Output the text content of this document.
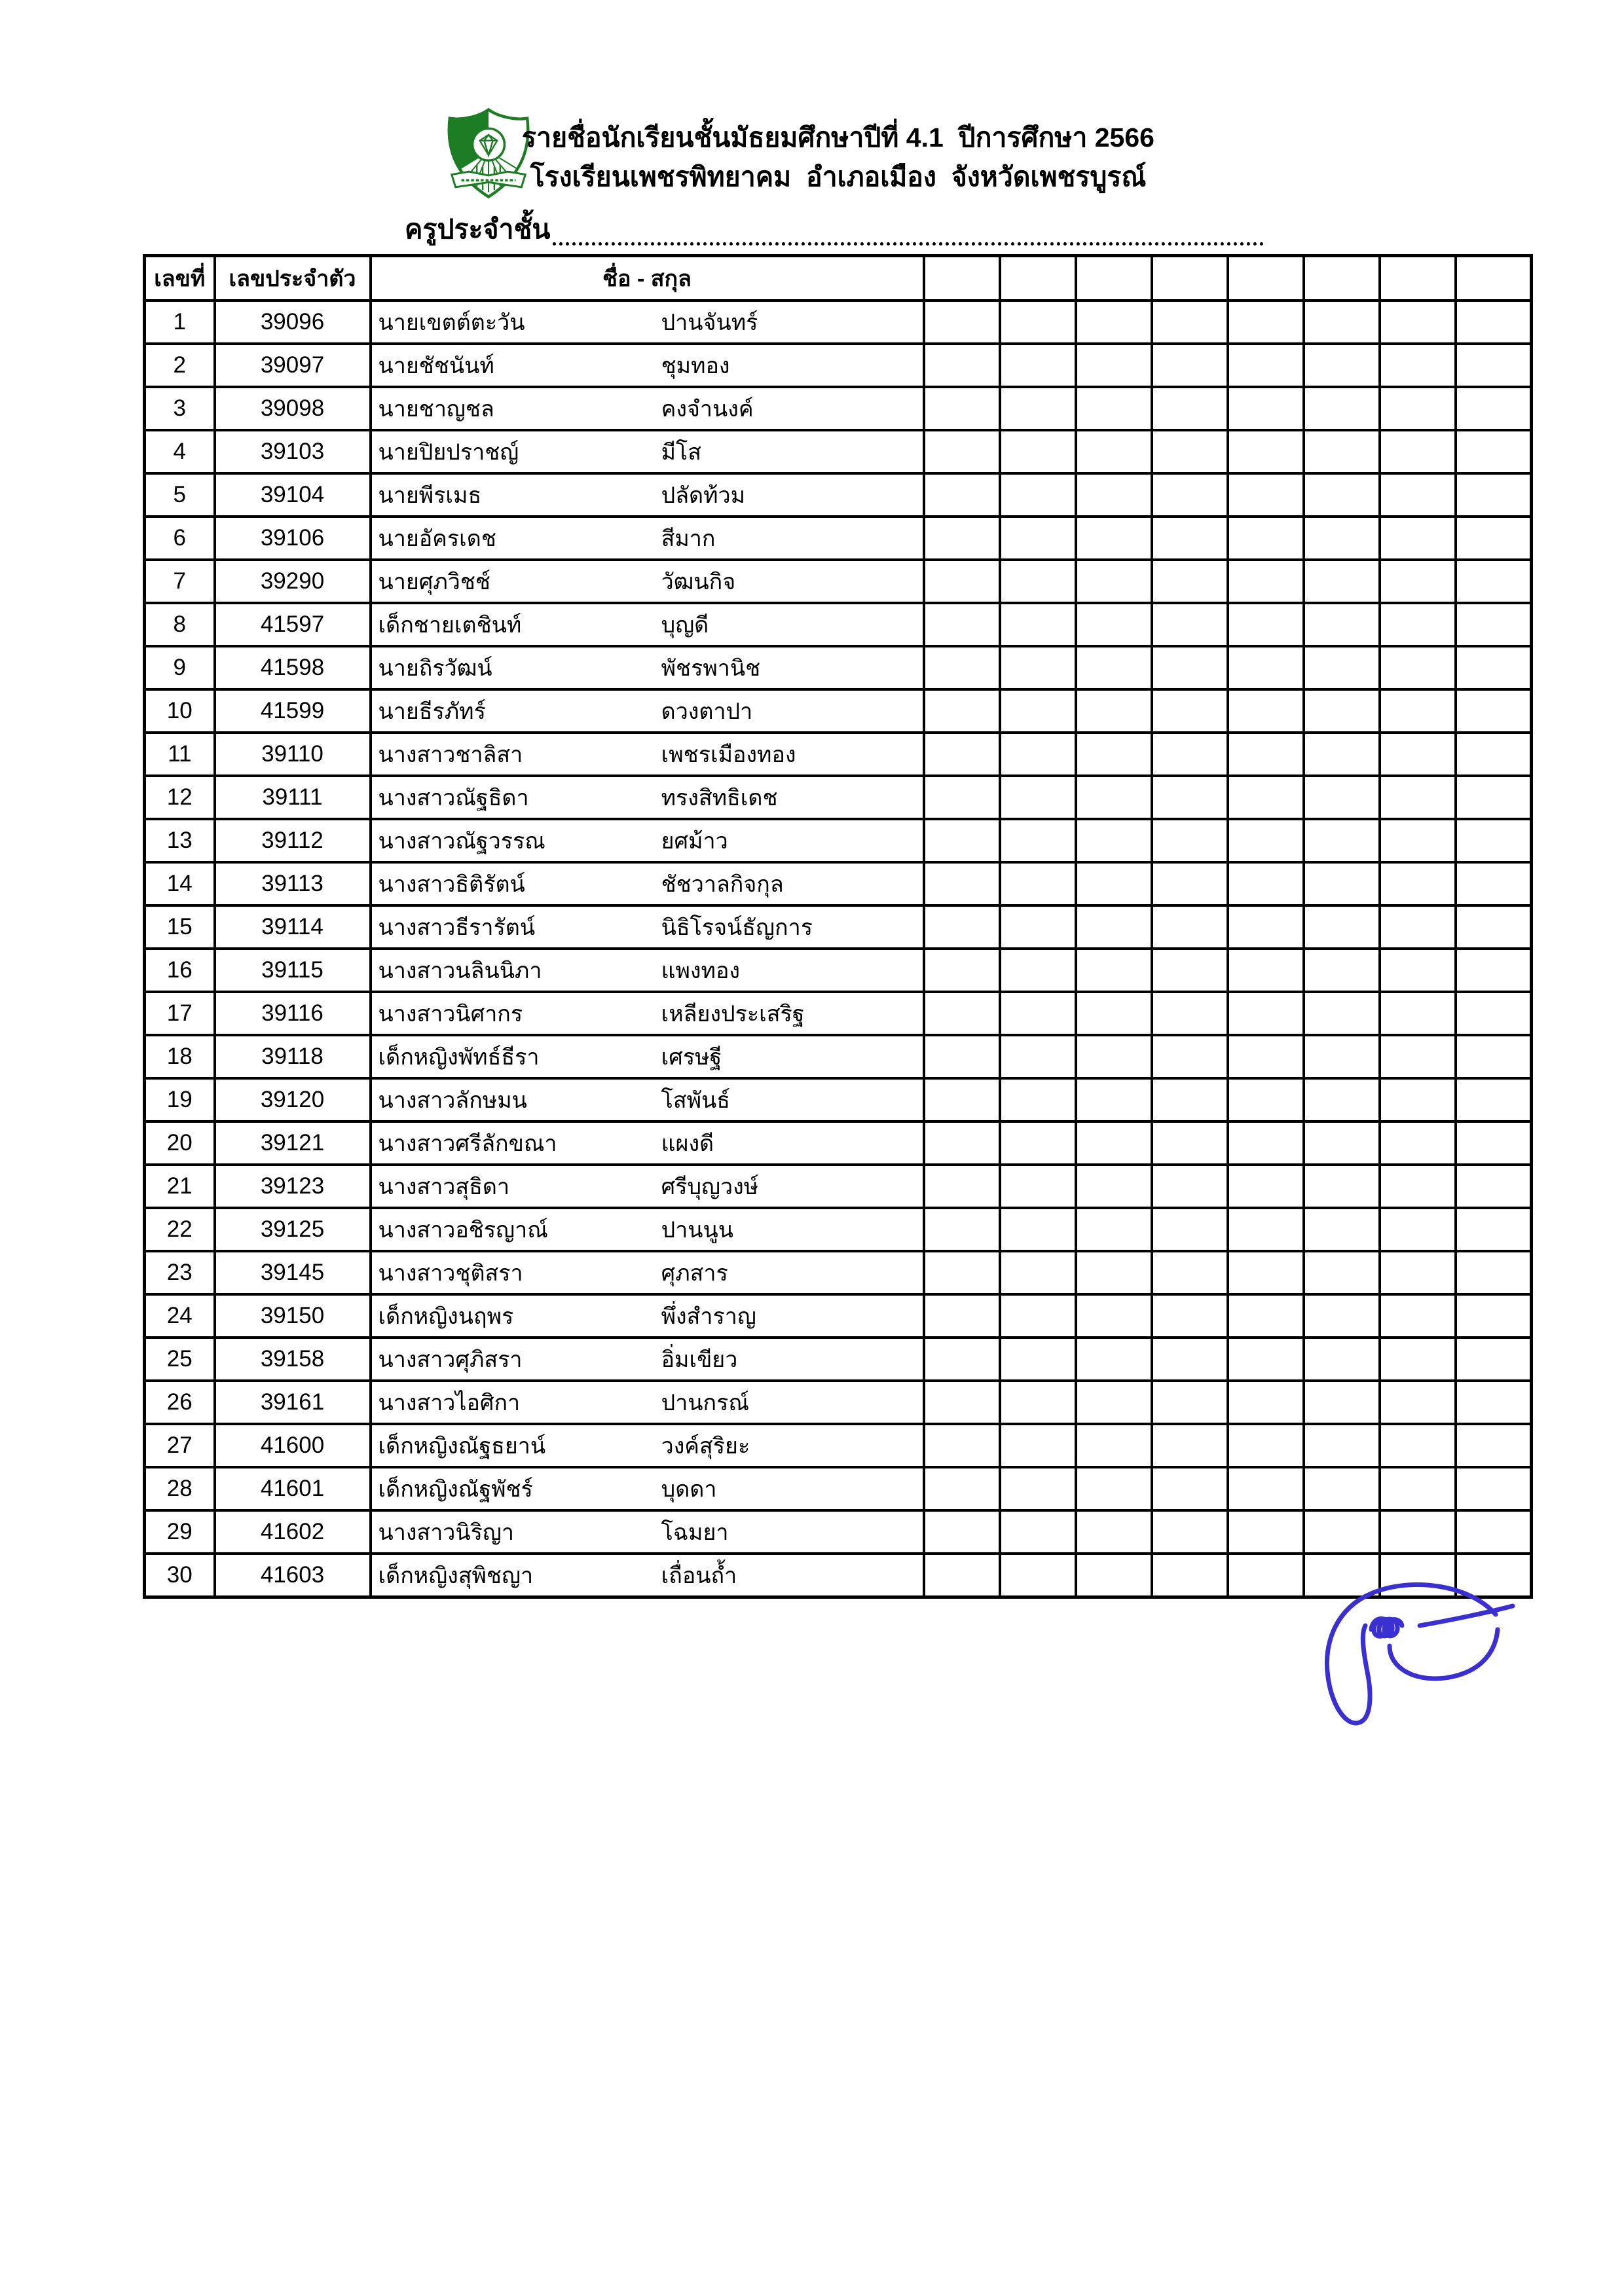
รายชื่อนักเรียนชั้นมัธยมศึกษาปีที่ 4.1  ปีการศึกษา 2566
โรงเรียนเพชรพิทยาคม  อำเภอเมือง  จังหวัดเพชรบูรณ์
ครูประจำชั้น
เลขที่	เลขประจำตัว	ชื่อ - สกุล								
1	39096	นายเขตต์ตะวัน ปานจันทร์								

2	39097	นายชัชนันท์ ชุมทอง								

3	39098	นายชาญชล คงจำนงค์								

4	39103	นายปิยปราชญ์ มีโส								

5	39104	นายพีรเมธ ปลัดท้วม								

6	39106	นายอัครเดช สีมาก								

7	39290	นายศุภวิชช์ วัฒนกิจ								

8	41597	เด็กชายเตชินท์ บุญดี								

9	41598	นายถิรวัฒน์ พัชรพานิช								

10	41599	นายธีรภัทร์ ดวงตาปา								

11	39110	นางสาวชาลิสา เพชรเมืองทอง								

12	39111	นางสาวณัฐธิดา ทรงสิทธิเดช								

13	39112	นางสาวณัฐวรรณ ยศม้าว								

14	39113	นางสาวธิติรัตน์ ชัชวาลกิจกุล								

15	39114	นางสาวธีรารัตน์ นิธิโรจน์ธัญการ								

16	39115	นางสาวนลินนิภา แพงทอง								

17	39116	นางสาวนิศากร เหลียงประเสริฐ								

18	39118	เด็กหญิงพัทธ์ธีรา เศรษฐี								

19	39120	นางสาวลักษมน โสพันธ์								

20	39121	นางสาวศรีลักขณา แผงดี								

21	39123	นางสาวสุธิดา ศรีบุญวงษ์								

22	39125	นางสาวอชิรญาณ์ ปานนูน								

23	39145	นางสาวชุติสรา ศุภสาร								

24	39150	เด็กหญิงนฤพร พึ่งสำราญ								

25	39158	นางสาวศุภิสรา อิ่มเขียว								

26	39161	นางสาวไอศิกา ปานกรณ์								

27	41600	เด็กหญิงณัฐธยาน์ วงค์สุริยะ								

28	41601	เด็กหญิงณัฐพัชร์ บุดดา								

29	41602	นางสาวนิริญา โฉมยา								

30	41603	เด็กหญิงสุพิชญา เถื่อนถ้ำ								
